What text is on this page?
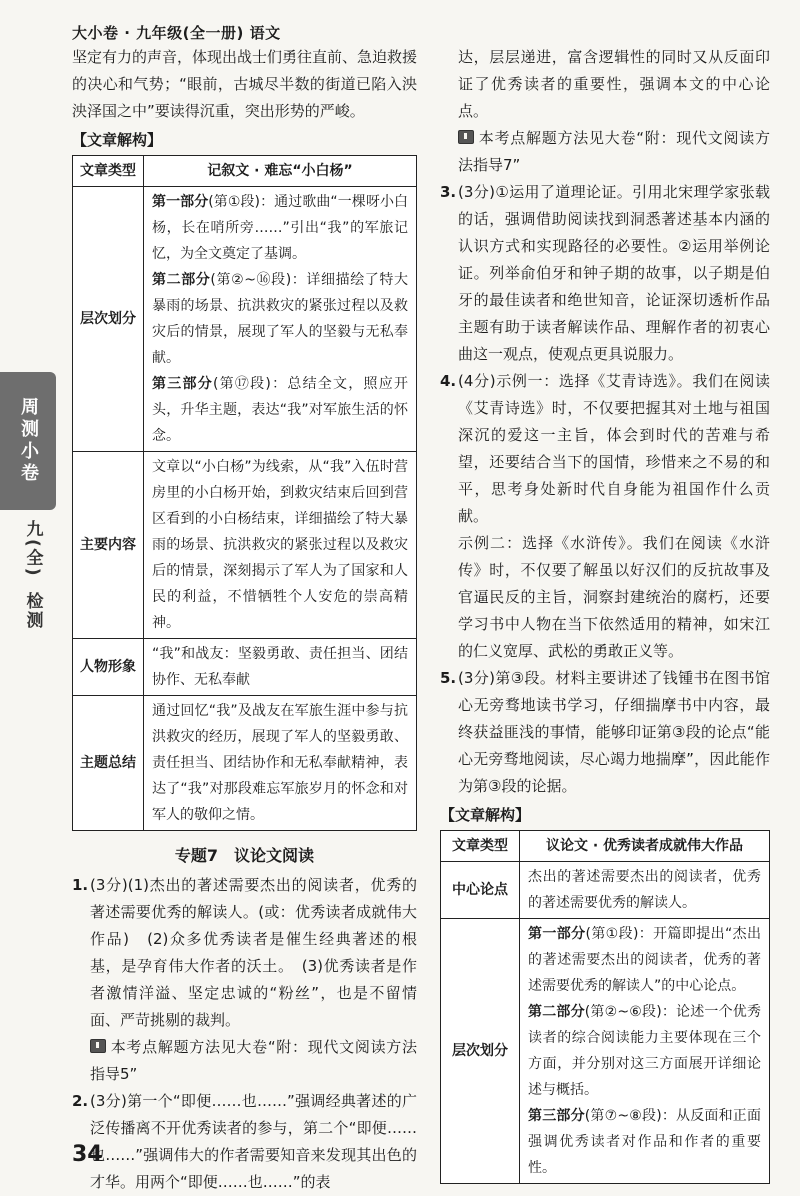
大小卷 · 九年级(全一册) 语文
周测小卷
九(全)
检测

坚定有力的声音，体现出战士们勇往直前、急迫救援的决心和气势；“眼前，古城尽半数的街道已陷入泱泱泽国之中”要读得沉重，突出形势的严峻。

【文章解构】
文章类型	记叙文 · 难忘“小白杨”
层次划分	第一部分(第①段)：通过歌曲“一棵呀小白杨，长在哨所旁……”引出“我”的军旅记忆，为全文奠定了基调。
第二部分(第②~⑯段)：详细描绘了特大暴雨的场景、抗洪救灾的紧张过程以及救灾后的情景，展现了军人的坚毅与无私奉献。
第三部分(第⑰段)：总结全文，照应开头，升华主题，表达“我”对军旅生活的怀念。
主要内容	文章以“小白杨”为线索，从“我”入伍时营房里的小白杨开始，到救灾结束后回到营区看到的小白杨结束，详细描绘了特大暴雨的场景、抗洪救灾的紧张过程以及救灾后的情景，深刻揭示了军人为了国家和人民的利益，不惜牺牲个人安危的崇高精神。
人物形象	“我”和战友：坚毅勇敢、责任担当、团结协作、无私奉献
主题总结	通过回忆“我”及战友在军旅生涯中参与抗洪救灾的经历，展现了军人的坚毅勇敢、责任担当、团结协作和无私奉献精神，表达了“我”对那段难忘军旅岁月的怀念和对军人的敬仰之情。
专题7　议论文阅读
1. (3分)(1)杰出的著述需要杰出的阅读者，优秀的著述需要优秀的解读人。(或：优秀读者成就伟大作品)　(2)众多优秀读者是催生经典著述的根基，是孕育伟大作者的沃土。　(3)优秀读者是作者激情洋溢、坚定忠诚的“粉丝”，也是不留情面、严苛挑剔的裁判。
本考点解题方法见大卷“附：现代文阅读方法指导5”
2. (3分)第一个“即便……也……”强调经典著述的广泛传播离不开优秀读者的参与，第二个“即便……也……”强调伟大的作者需要知音来发现其出色的才华。用两个“即便……也……”的表

达，层层递进，富含逻辑性的同时又从反面印证了优秀读者的重要性，强调本文的中心论点。

本考点解题方法见大卷“附：现代文阅读方法指导7”
3. (3分)①运用了道理论证。引用北宋理学家张载的话，强调借助阅读找到洞悉著述基本内涵的认识方式和实现路径的必要性。②运用举例论证。列举俞伯牙和钟子期的故事，以子期是伯牙的最佳读者和绝世知音，论证深切透析作品主题有助于读者解读作品、理解作者的初衷心曲这一观点，使观点更具说服力。
4. (4分)示例一：选择《艾青诗选》。我们在阅读《艾青诗选》时，不仅要把握其对土地与祖国深沉的爱这一主旨，体会到时代的苦难与希望，还要结合当下的国情，珍惜来之不易的和平，思考身处新时代自身能为祖国作什么贡献。

示例二：选择《水浒传》。我们在阅读《水浒传》时，不仅要了解虽以好汉们的反抗故事及官逼民反的主旨，洞察封建统治的腐朽，还要学习书中人物在当下依然适用的精神，如宋江的仁义宽厚、武松的勇敢正义等。

5. (3分)第③段。材料主要讲述了钱锺书在图书馆心无旁骛地读书学习，仔细揣摩书中内容，最终获益匪浅的事情，能够印证第③段的论点“能心无旁骛地阅读，尽心竭力地揣摩”，因此能作为第③段的论据。
【文章解构】
文章类型	议论文 · 优秀读者成就伟大作品
中心论点	杰出的著述需要杰出的阅读者，优秀的著述需要优秀的解读人。
层次划分	第一部分(第①段)：开篇即提出“杰出的著述需要杰出的阅读者，优秀的著述需要优秀的解读人”的中心论点。
第二部分(第②~⑥段)：论述一个优秀读者的综合阅读能力主要体现在三个方面，并分别对这三方面展开详细论述与概括。
第三部分(第⑦~⑧段)：从反面和正面强调优秀读者对作品和作者的重要性。
34
